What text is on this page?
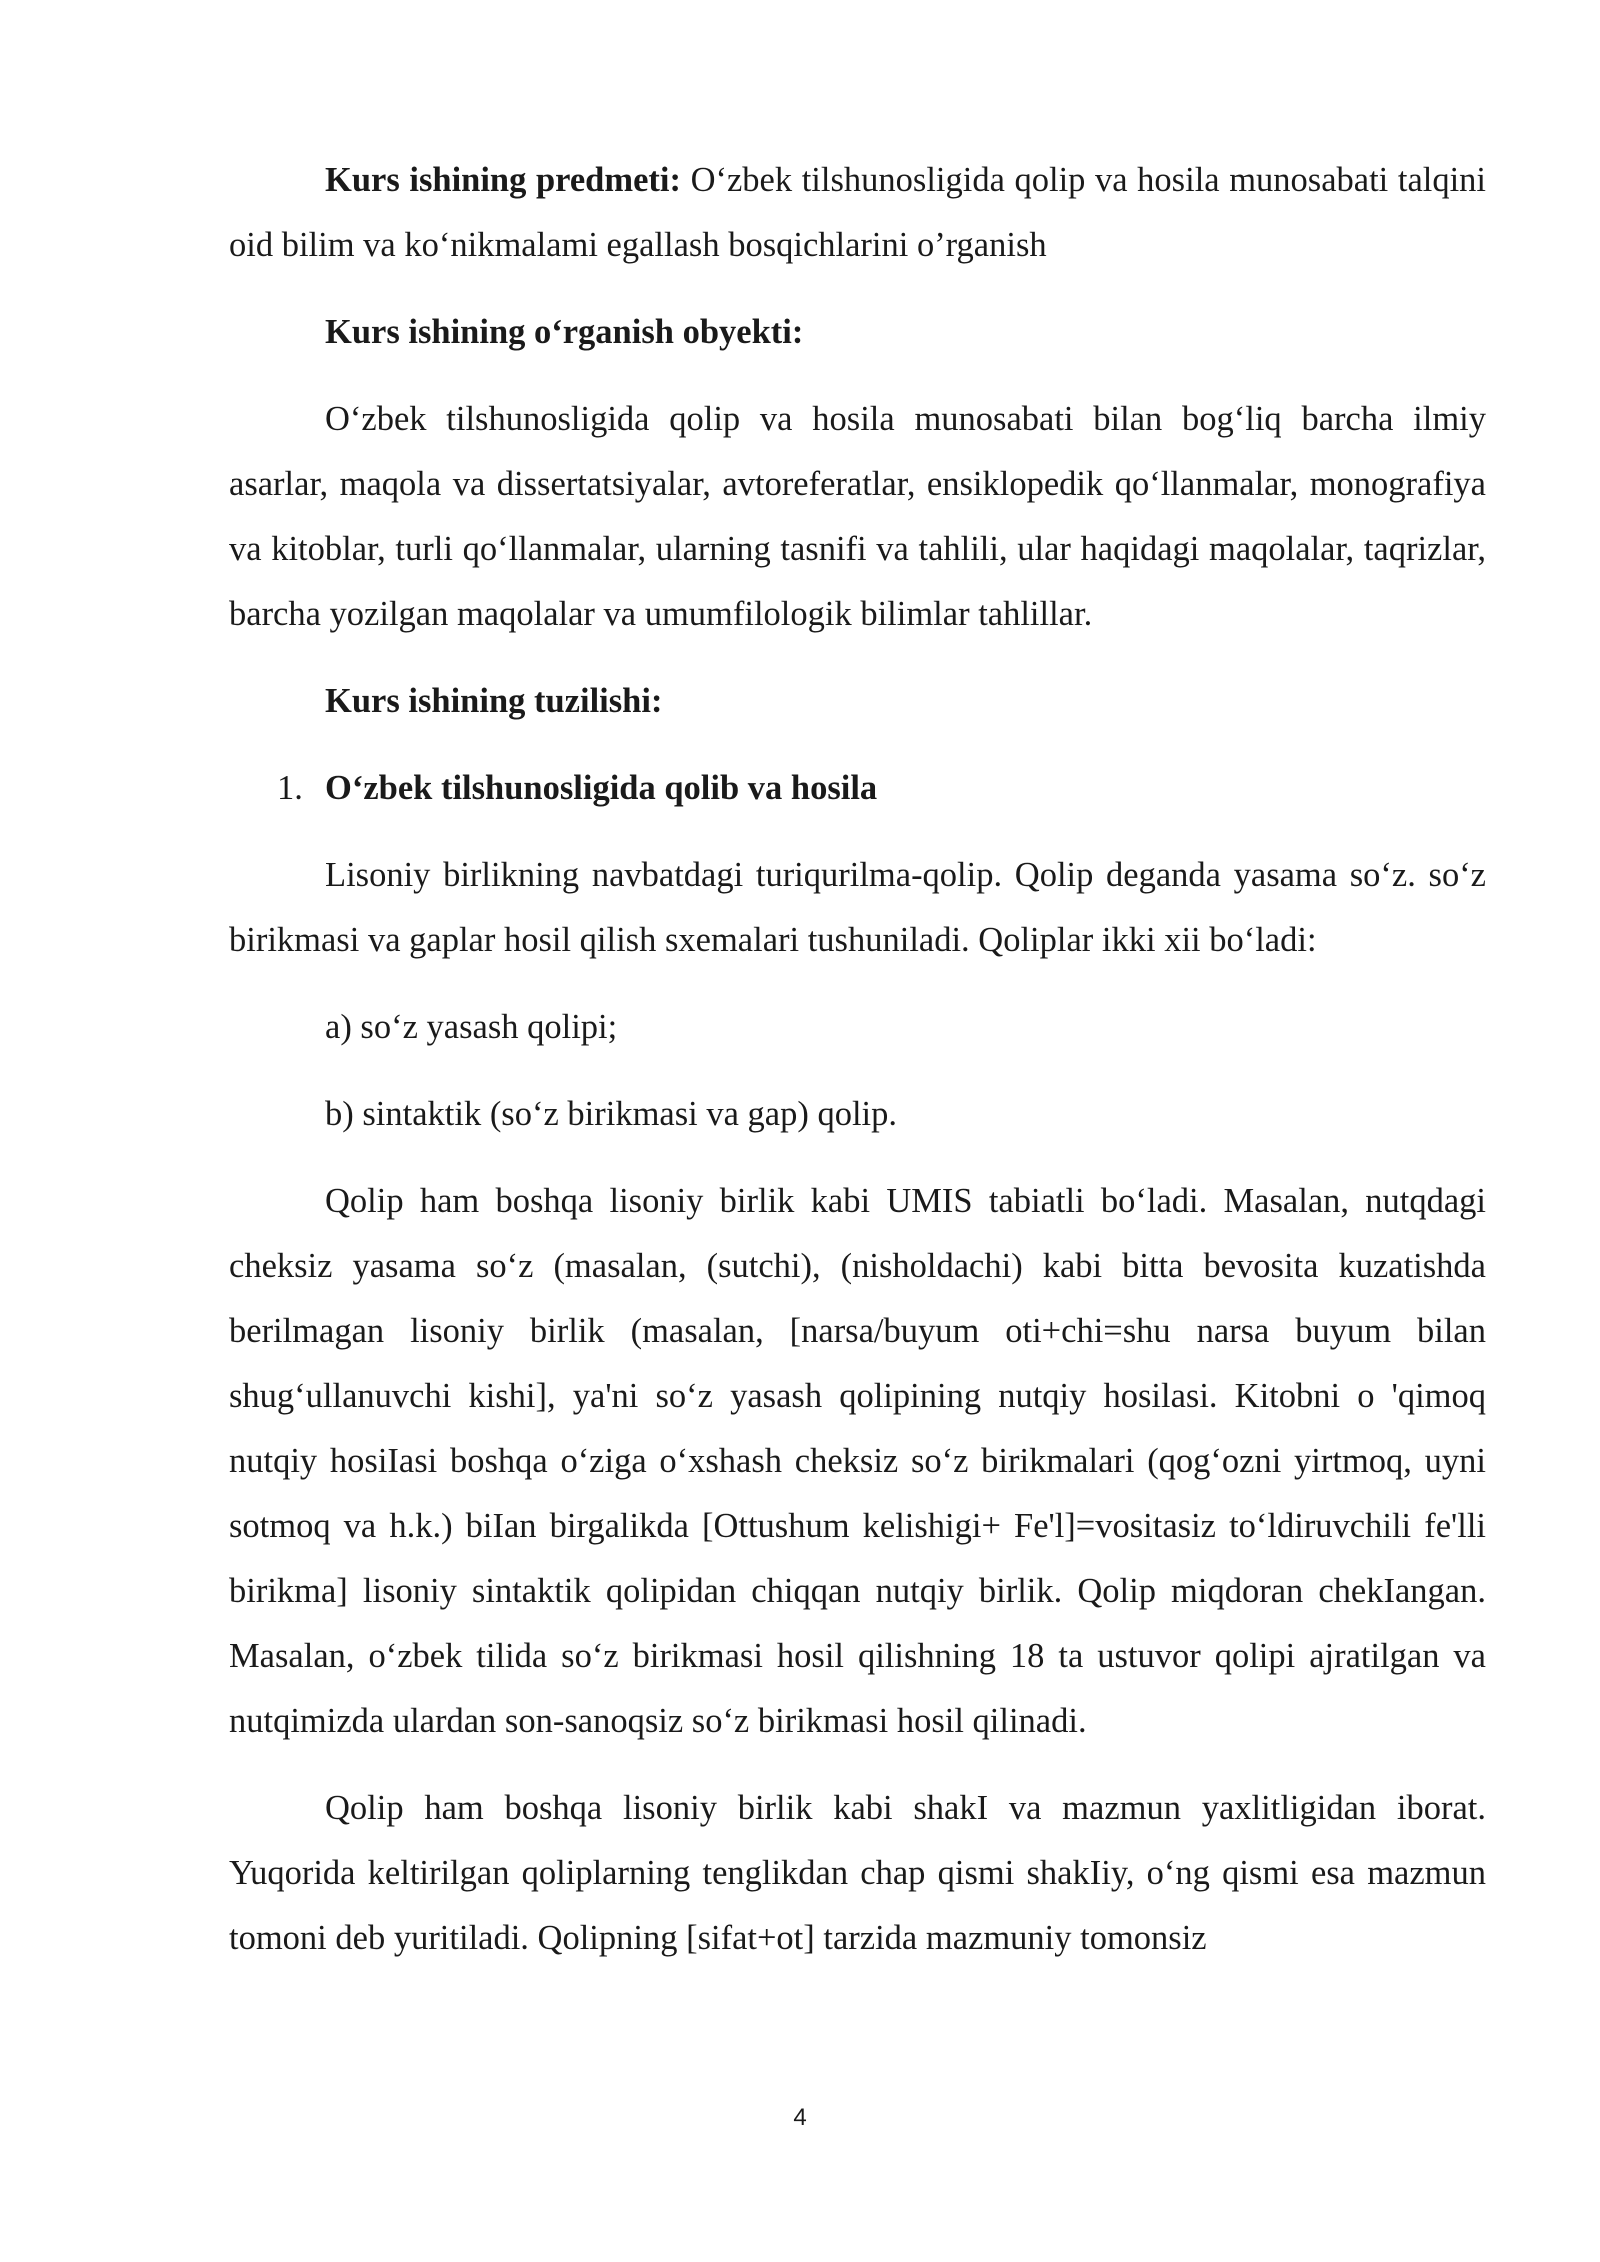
Kurs ishining predmeti: O‘zbek tilshunosligida qolip va hosila munosabati talqini oid bilim va ko‘nikmalami egallash bosqichlarini o’rganish

Kurs ishining o‘rganish obyekti:

O‘zbek tilshunosligida qolip va hosila munosabati bilan bog‘liq barcha ilmiy asarlar, maqola va dissertatsiyalar, avtoreferatlar, ensiklopedik qo‘llanmalar, monografiya va kitoblar, turli qo‘llanmalar, ularning tasnifi va tahlili, ular haqidagi maqolalar, taqrizlar, barcha yozilgan maqolalar va umumfilologik bilimlar tahlillar.

Kurs ishining tuzilishi:

1. O‘zbek tilshunosligida qolib va hosila

Lisoniy birlikning navbatdagi turiqurilma-qolip. Qolip deganda yasama so‘z. so‘z birikmasi va gaplar hosil qilish sxemalari tushuniladi. Qoliplar ikki xii bo‘ladi:

a) so‘z yasash qolipi;

b) sintaktik (so‘z birikmasi va gap) qolip.

Qolip ham boshqa lisoniy birlik kabi UMIS tabiatli bo‘ladi. Masalan, nutqdagi cheksiz yasama so‘z (masalan, (sutchi), (nisholdachi) kabi bitta bevosita kuzatishda berilmagan lisoniy birlik (masalan, [narsa/buyum oti+chi=shu narsa buyum bilan shug‘ullanuvchi kishi], ya'ni so‘z yasash qolipining nutqiy hosilasi. Kitobni o 'qimoq nutqiy hosiIasi boshqa o‘ziga o‘xshash cheksiz so‘z birikmalari (qog‘ozni yirtmoq, uyni sotmoq va h.k.) biIan birgalikda [Ottushum kelishigi+ Fe'l]=vositasiz to‘ldiruvchili fe'lli birikma] lisoniy sintaktik qolipidan chiqqan nutqiy birlik. Qolip miqdoran chekIangan. Masalan, o‘zbek tilida so‘z birikmasi hosil qilishning 18 ta ustuvor qolipi ajratilgan va nutqimizda ulardan son-sanoqsiz so‘z birikmasi hosil qilinadi.

Qolip ham boshqa lisoniy birlik kabi shakI va mazmun yaxlitligidan iborat. Yuqorida keltirilgan qoliplarning tenglikdan chap qismi shakIiy, o‘ng qismi esa mazmun tomoni deb yuritiladi. Qolipning [sifat+ot] tarzida mazmuniy tomonsiz

4
